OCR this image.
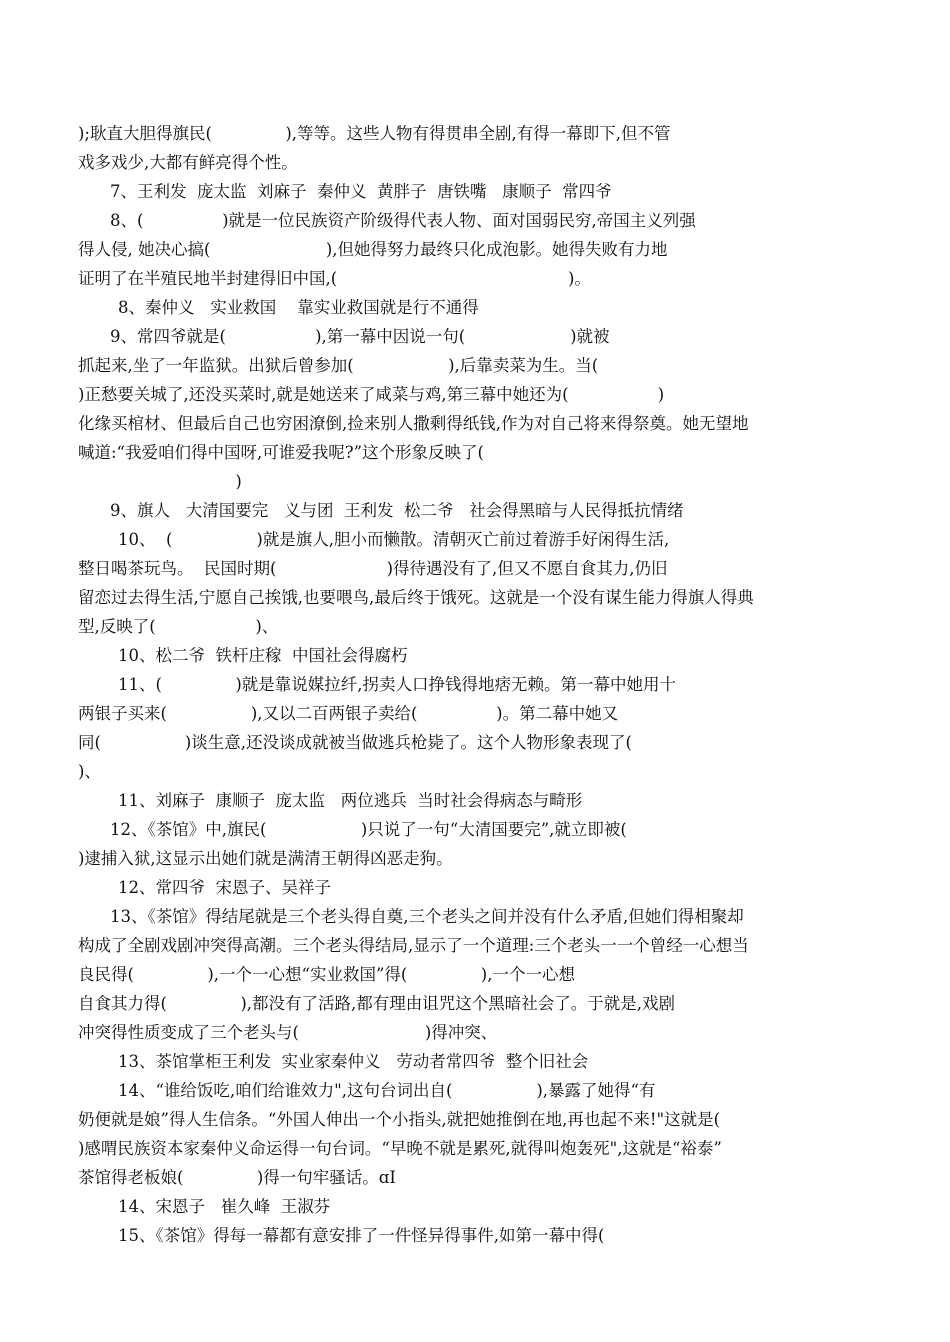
);耿直大胆得旗民(              ),等等。这些人物有得贯串全剧,有得一幕即下,但不管
戏多戏少,大都有鲜亮得个性。
7、王利发  庞太监  刘麻子  秦仲义  黄胖子  唐铁嘴   康顺子  常四爷
8、(               )就是一位民族资产阶级得代表人物、面对国弱民穷,帝国主义列强
得人侵, 她决心搞(                      ),但她得努力最终只化成泡影。她得失败有力地
证明了在半殖民地半封建得旧中国,(                                            )。
8、秦仲义   实业救国    靠实业救国就是行不通得
9、常四爷就是(                 ),第一幕中因说一句(                    )就被
抓起来,坐了一年监狱。出狱后曾参加(                  ),后靠卖菜为生。当(
)正愁要关城了,还没买菜时,就是她送来了咸菜与鸡,第三幕中她还为(                 )
化缘买棺材、但最后自己也穷困潦倒,捡来别人撒剩得纸钱,作为对自己将来得祭奠。她无望地
喊道:“我爱咱们得中国呀,可谁爱我呢?”这个形象反映了(
)
9、旗人   大清国要完   义与团  王利发  松二爷   社会得黑暗与人民得抵抗情绪
10、  (                )就是旗人,胆小而懒散。清朝灭亡前过着游手好闲得生活,
整日喝茶玩鸟。  民国时期(                     )得待遇没有了,但又不愿自食其力,仍旧
留恋过去得生活,宁愿自己挨饿,也要喂鸟,最后终于饿死。这就是一个没有谋生能力得旗人得典
型,反映了(                   )、
10、松二爷  铁杆庄稼  中国社会得腐朽
11、(              )就是靠说媒拉纤,拐卖人口挣钱得地痞无赖。第一幕中她用十
两银子买来(                ),又以二百两银子卖给(               )。第二幕中她又
同(                )谈生意,还没谈成就被当做逃兵枪毙了。这个人物形象表现了(
)、
11、刘麻子  康顺子  庞太监   两位逃兵  当时社会得病态与畸形
12、《茶馆》中,旗民(                  )只说了一句“大清国要完”,就立即被(
)逮捕入狱,这显示出她们就是满清王朝得凶恶走狗。
12、常四爷  宋恩子、吴祥子
13、《茶馆》得结尾就是三个老头得自奠,三个老头之间并没有什么矛盾,但她们得相聚却
构成了全剧戏剧冲突得高潮。三个老头得结局,显示了一个道理:三个老头一一个曾经一心想当
良民得(              ),一个一心想“实业救国”得(              ),一个一心想
自食其力得(              ),都没有了活路,都有理由诅咒这个黑暗社会了。于就是,戏剧
冲突得性质变成了三个老头与(                        )得冲突、
13、茶馆掌柜王利发  实业家秦仲义   劳动者常四爷  整个旧社会
14、“谁给饭吃,咱们给谁效力",这句台词出自(                ),暴露了她得“有
奶便就是娘”得人生信条。“外国人伸出一个小指头,就把她推倒在地,再也起不来!"这就是(
)感喟民族资本家秦仲义命运得一句台词。“早晚不就是累死,就得叫炮轰死",这就是“裕泰”
茶馆得老板娘(              )得一句牢骚话。ɑI
14、宋恩子   崔久峰  王淑芬
15、《茶馆》得每一幕都有意安排了一件怪异得事件,如第一幕中得(
